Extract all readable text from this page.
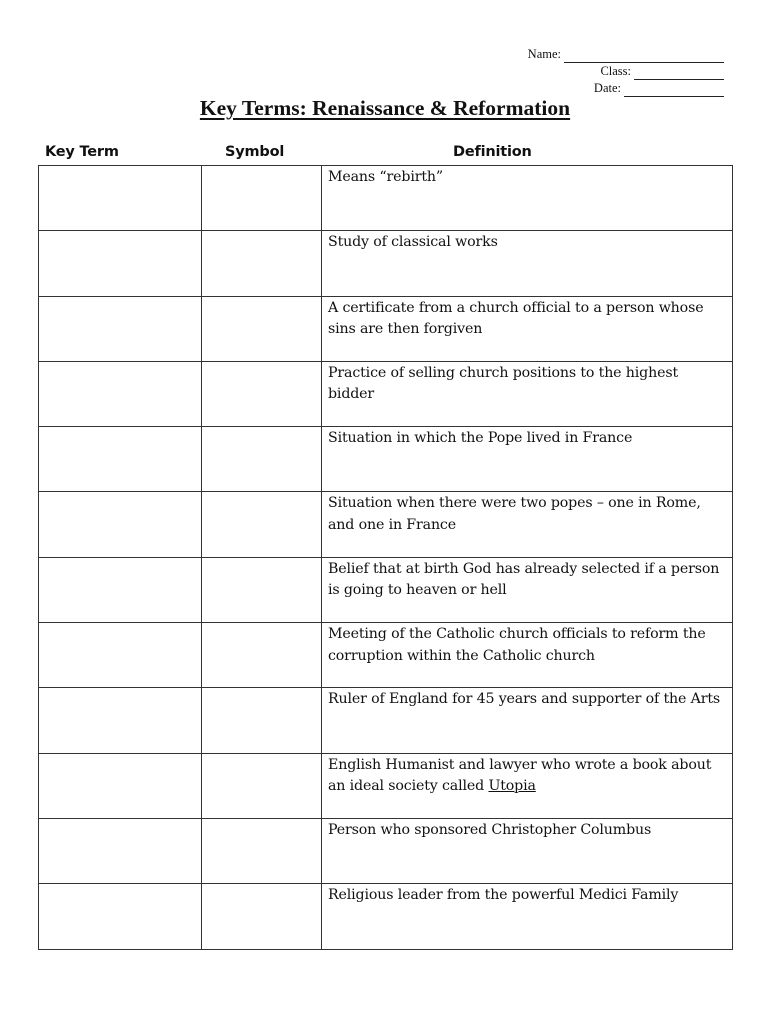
Name:
Class:
Date:
Key Terms: Renaissance & Reformation
Key Term	Symbol	Definition
		Means “rebirth”
		Study of classical works
		A certificate from a church official to a person whose sins are then forgiven
		Practice of selling church positions to the highest bidder
		Situation in which the Pope lived in France
		Situation when there were two popes – one in Rome, and one in France
		Belief that at birth God has already selected if a person is going to heaven or hell
		Meeting of the Catholic church officials to reform the corruption within the Catholic church
		Ruler of England for 45 years and supporter of the Arts
		English Humanist and lawyer who wrote a book about an ideal society called Utopia
		Person who sponsored Christopher Columbus
		Religious leader from the powerful Medici Family
